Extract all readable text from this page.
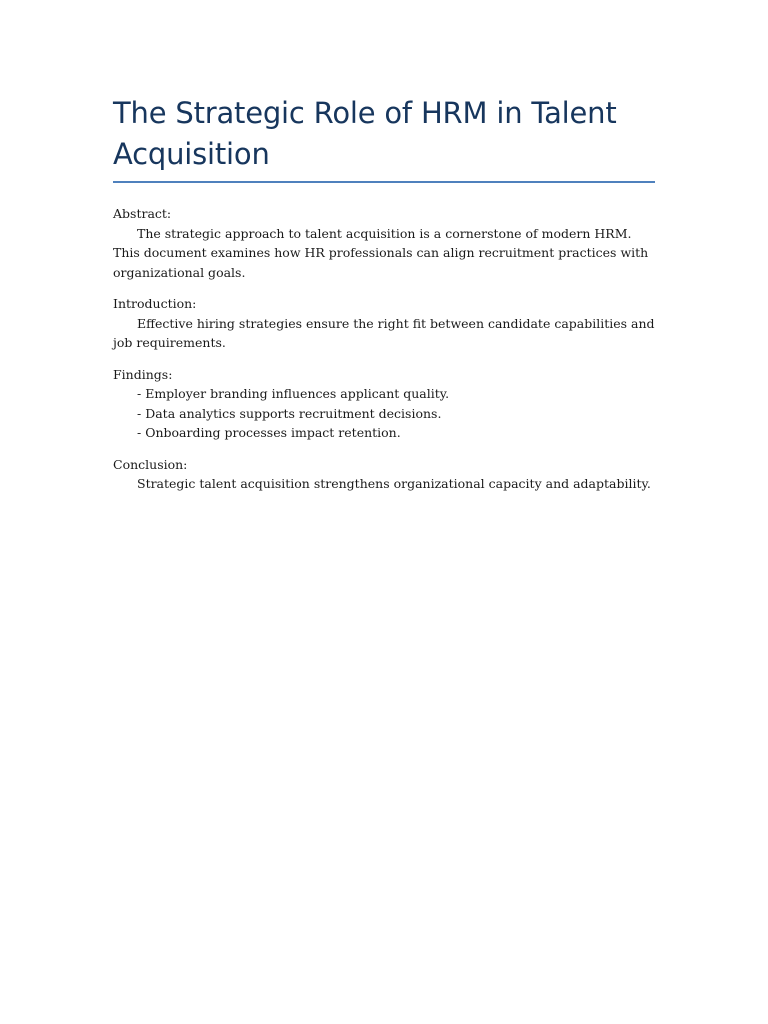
The Strategic Role of HRM in Talent Acquisition
Abstract:

The strategic approach to talent acquisition is a cornerstone of modern HRM. This document examines how HR professionals can align recruitment practices with organizational goals.

Introduction:

Effective hiring strategies ensure the right fit between candidate capabilities and job requirements.

Findings:
- Employer branding influences applicant quality.
- Data analytics supports recruitment decisions.
- Onboarding processes impact retention.
Conclusion:

Strategic talent acquisition strengthens organizational capacity and adaptability.
